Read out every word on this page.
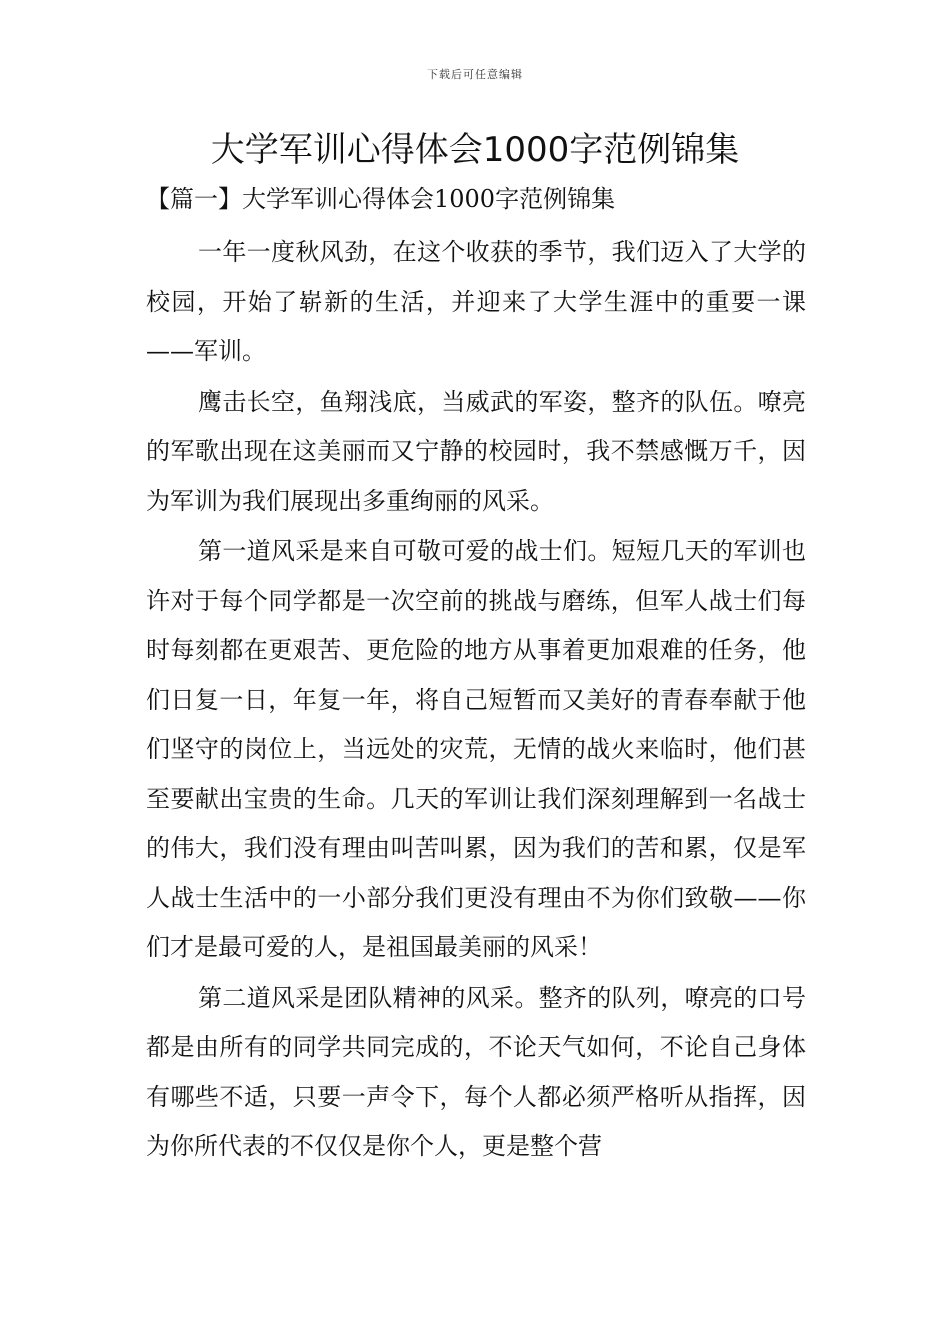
下载后可任意编辑
大学军训心得体会1000字范例锦集
【篇一】大学军训心得体会1000字范例锦集

一年一度秋风劲，在这个收获的季节，我们迈入了大学的校园，开始了崭新的生活，并迎来了大学生涯中的重要一课——军训。

鹰击长空，鱼翔浅底，当威武的军姿，整齐的队伍。嘹亮的军歌出现在这美丽而又宁静的校园时，我不禁感慨万千，因为军训为我们展现出多重绚丽的风采。

第一道风采是来自可敬可爱的战士们。短短几天的军训也许对于每个同学都是一次空前的挑战与磨练，但军人战士们每时每刻都在更艰苦、更危险的地方从事着更加艰难的任务，他们日复一日，年复一年，将自己短暂而又美好的青春奉献于他们坚守的岗位上，当远处的灾荒，无情的战火来临时，他们甚至要献出宝贵的生命。几天的军训让我们深刻理解到一名战士的伟大，我们没有理由叫苦叫累，因为我们的苦和累，仅是军人战士生活中的一小部分我们更没有理由不为你们致敬——你们才是最可爱的人，是祖国最美丽的风采！

第二道风采是团队精神的风采。整齐的队列，嘹亮的口号都是由所有的同学共同完成的，不论天气如何，不论自己身体有哪些不适，只要一声令下，每个人都必须严格听从指挥，因为你所代表的不仅仅是你个人，更是整个营
